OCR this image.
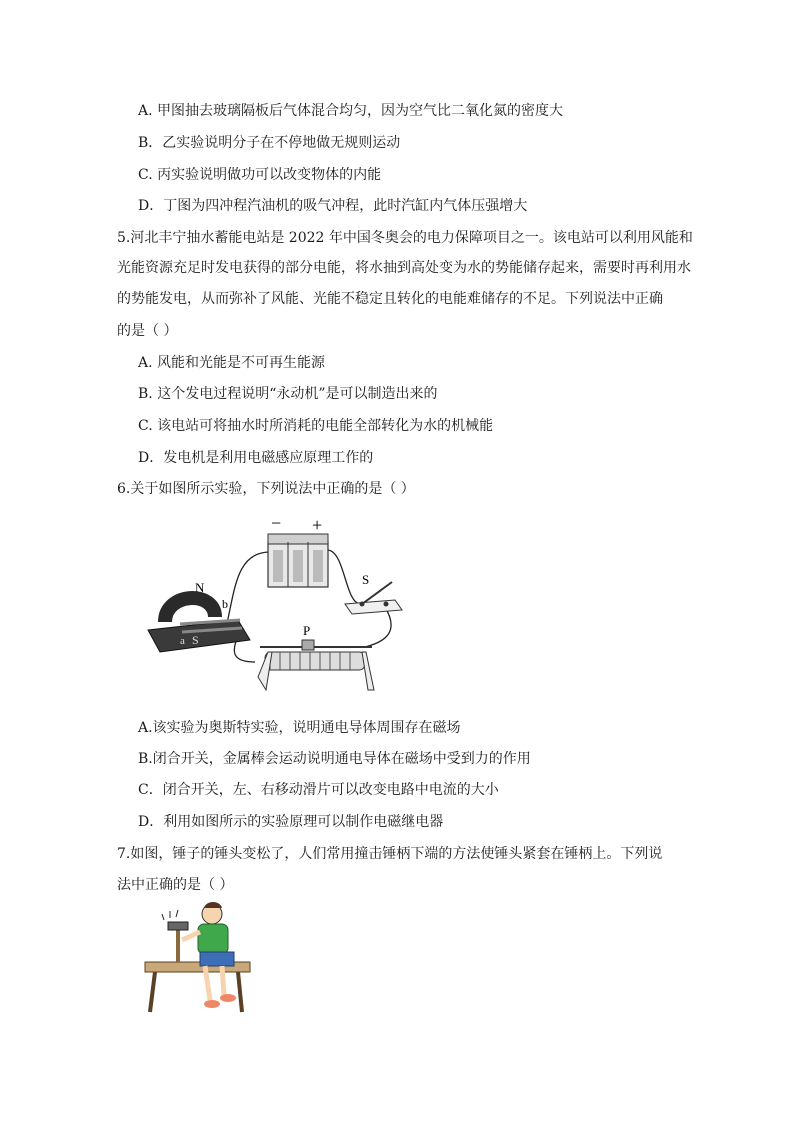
A. 甲图抽去玻璃隔板后气体混合均匀，因为空气比二氧化氮的密度大
B．乙实验说明分子在不停地做无规则运动
C. 丙实验说明做功可以改变物体的内能
D．丁图为四冲程汽油机的吸气冲程，此时汽缸内气体压强增大
5.河北丰宁抽水蓄能电站是 2022 年中国冬奥会的电力保障项目之一。该电站可以利用风能和
光能资源充足时发电获得的部分电能，将水抽到高处变为水的势能储存起来，需要时再利用水
的势能发电，从而弥补了风能、光能不稳定且转化的电能难储存的不足。下列说法中正确
的是（ ）
A. 风能和光能是不可再生能源
B. 这个发电过程说明“永动机”是可以制造出来的
C. 该电站可将抽水时所消耗的电能全部转化为水的机械能
D．发电机是利用电磁感应原理工作的
6.关于如图所示实验，下列说法中正确的是（ ）
− +
S
N
b
a S
P
A.该实验为奥斯特实验，说明通电导体周围存在磁场
B.闭合开关，金属棒会运动说明通电导体在磁场中受到力的作用
C．闭合开关，左、右移动滑片可以改变电路中电流的大小
D．利用如图所示的实验原理可以制作电磁继电器
7.如图，锤子的锤头变松了，人们常用撞击锤柄下端的方法使锤头紧套在锤柄上。下列说
法中正确的是（ ）
